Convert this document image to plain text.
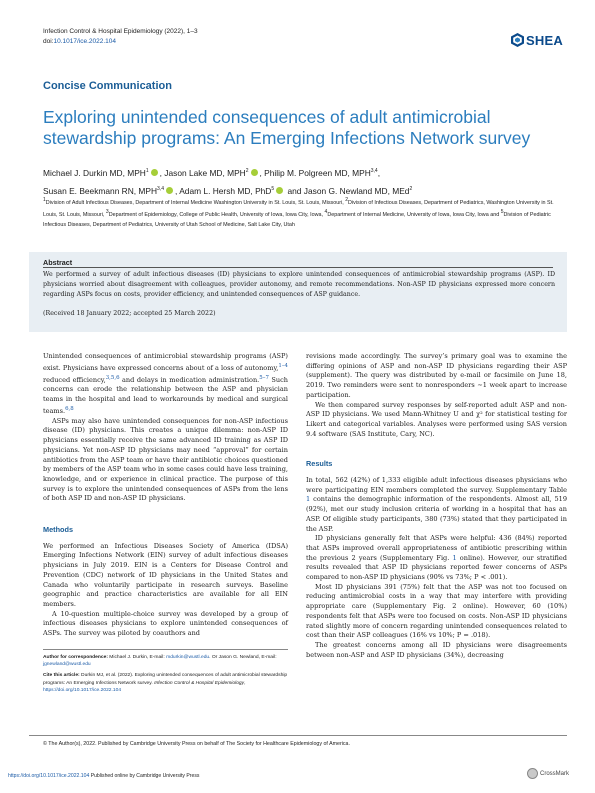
Infection Control & Hospital Epidemiology (2022), 1–3
doi:10.1017/ice.2022.104	SHEA
Concise Communication
Exploring unintended consequences of adult antimicrobial stewardship programs: An Emerging Infections Network survey
Michael J. Durkin MD, MPH$^1$ , Jason Lake MD, MPH$^2$ , Philip M. Polgreen MD, MPH$^{3,4}$,
Susan E. Beekmann RN, MPH$^{3,4}$ , Adam L. Hersh MD, PhD$^5$ and Jason G. Newland MD, MEd$^2$
$^1$Division of Adult Infectious Diseases, Department of Internal Medicine Washington University in St. Louis, St. Louis, Missouri, $^2$Division of Infectious Diseases, Department of Pediatrics, Washington University in St. Louis, St. Louis, Missouri, $^3$Department of Epidemiology, College of Public Health, University of Iowa, Iowa City, Iowa, $^4$Department of Internal Medicine, University of Iowa, Iowa City, Iowa and $^5$Division of Pediatric Infectious Diseases, Department of Pediatrics, University of Utah School of Medicine, Salt Lake City, Utah
Abstract
We performed a survey of adult infectious diseases (ID) physicians to explore unintended consequences of antimicrobial stewardship programs (ASP). ID physicians worried about disagreement with colleagues, provider autonomy, and remote recommendations. Non-ASP ID physicians expressed more concern regarding ASPs focus on costs, provider efficiency, and unintended consequences of ASP guidance.
(Received 18 January 2022; accepted 25 March 2022)

Unintended consequences of antimicrobial stewardship programs (ASP) exist. Physicians have expressed concerns about of a loss of autonomy,$^{1-4}$ reduced efficiency,$^{3,5,6}$ and delays in medication administration.$^{5-7}$ Such concerns can erode the relationship between the ASP and physician teams in the hospital and lead to workarounds by medical and surgical teams.$^{6,8}$

ASPs may also have unintended consequences for non-ASP infectious disease (ID) physicians. This creates a unique dilemma: non-ASP ID physicians essentially receive the same advanced ID training as ASP ID physicians. Yet non-ASP ID physicians may need “approval” for certain antibiotics from the ASP team or have their antibiotic choices questioned by members of the ASP team who in some cases could have less training, knowledge, and or experience in clinical practice. The purpose of this survey is to explore the unintended consequences of ASPs from the lens of both ASP ID and non-ASP ID physicians.

Methods

We performed an Infectious Diseases Society of America (IDSA) Emerging Infections Network (EIN) survey of adult infectious diseases physicians in July 2019. EIN is a Centers for Disease Control and Prevention (CDC) network of ID physicians in the United States and Canada who voluntarily participate in research surveys. Baseline geographic and practice characteristics are available for all EIN members.

A 10-question multiple-choice survey was developed by a group of infectious diseases physicians to explore unintended consequences of ASPs. The survey was piloted by coauthors and

revisions made accordingly. The survey’s primary goal was to examine the differing opinions of ASP and non-ASP ID physicians regarding their ASP (supplement). The query was distributed by e-mail or facsimile on June 18, 2019. Two reminders were sent to nonresponders ∼1 week apart to increase participation.

We then compared survey responses by self-reported adult ASP and non-ASP ID physicians. We used Mann-Whitney U and χ² for statistical testing for Likert and categorical variables. Analyses were performed using SAS version 9.4 software (SAS Institute, Cary, NC).

Results

In total, 562 (42%) of 1,333 eligible adult infectious diseases physicians who were participating EIN members completed the survey. Supplementary Table 1 contains the demographic information of the respondents. Almost all, 519 (92%), met our study inclusion criteria of working in a hospital that has an ASP. Of eligible study participants, 380 (73%) stated that they participated in the ASP.

ID physicians generally felt that ASPs were helpful: 436 (84%) reported that ASPs improved overall appropriateness of antibiotic prescribing within the previous 2 years (Supplementary Fig. 1 online). However, our stratified results revealed that ASP ID physicians reported fewer concerns of ASPs compared to non-ASP ID physicians (90% vs 73%; P < .001).

Most ID physicians 391 (75%) felt that the ASP was not too focused on reducing antimicrobial costs in a way that may interfere with providing appropriate care (Supplementary Fig. 2 online). However, 60 (10%) respondents felt that ASPs were too focused on costs. Non-ASP ID physicians rated slightly more of concern regarding unintended consequences related to cost than their ASP colleagues (16% vs 10%; P = .018).

The greatest concerns among all ID physicians were disagreements between non-ASP and ASP ID physicians (34%), decreasing

Author for correspondence: Michael J. Durkin, E-mail: mdurkin@wustl.edu. Or Jason G. Newland, E-mail: jgnewland@wustl.edu
Cite this article: Durkin MJ, et al. (2022). Exploring unintended consequences of adult antimicrobial stewardship programs: An Emerging Infections Network survey. Infection Control & Hospital Epidemiology, https://doi.org/10.1017/ice.2022.104
© The Author(s), 2022. Published by Cambridge University Press on behalf of The Society for Healthcare Epidemiology of America.
https://doi.org/10.1017/ice.2022.104 Published online by Cambridge University Press	CrossMark
